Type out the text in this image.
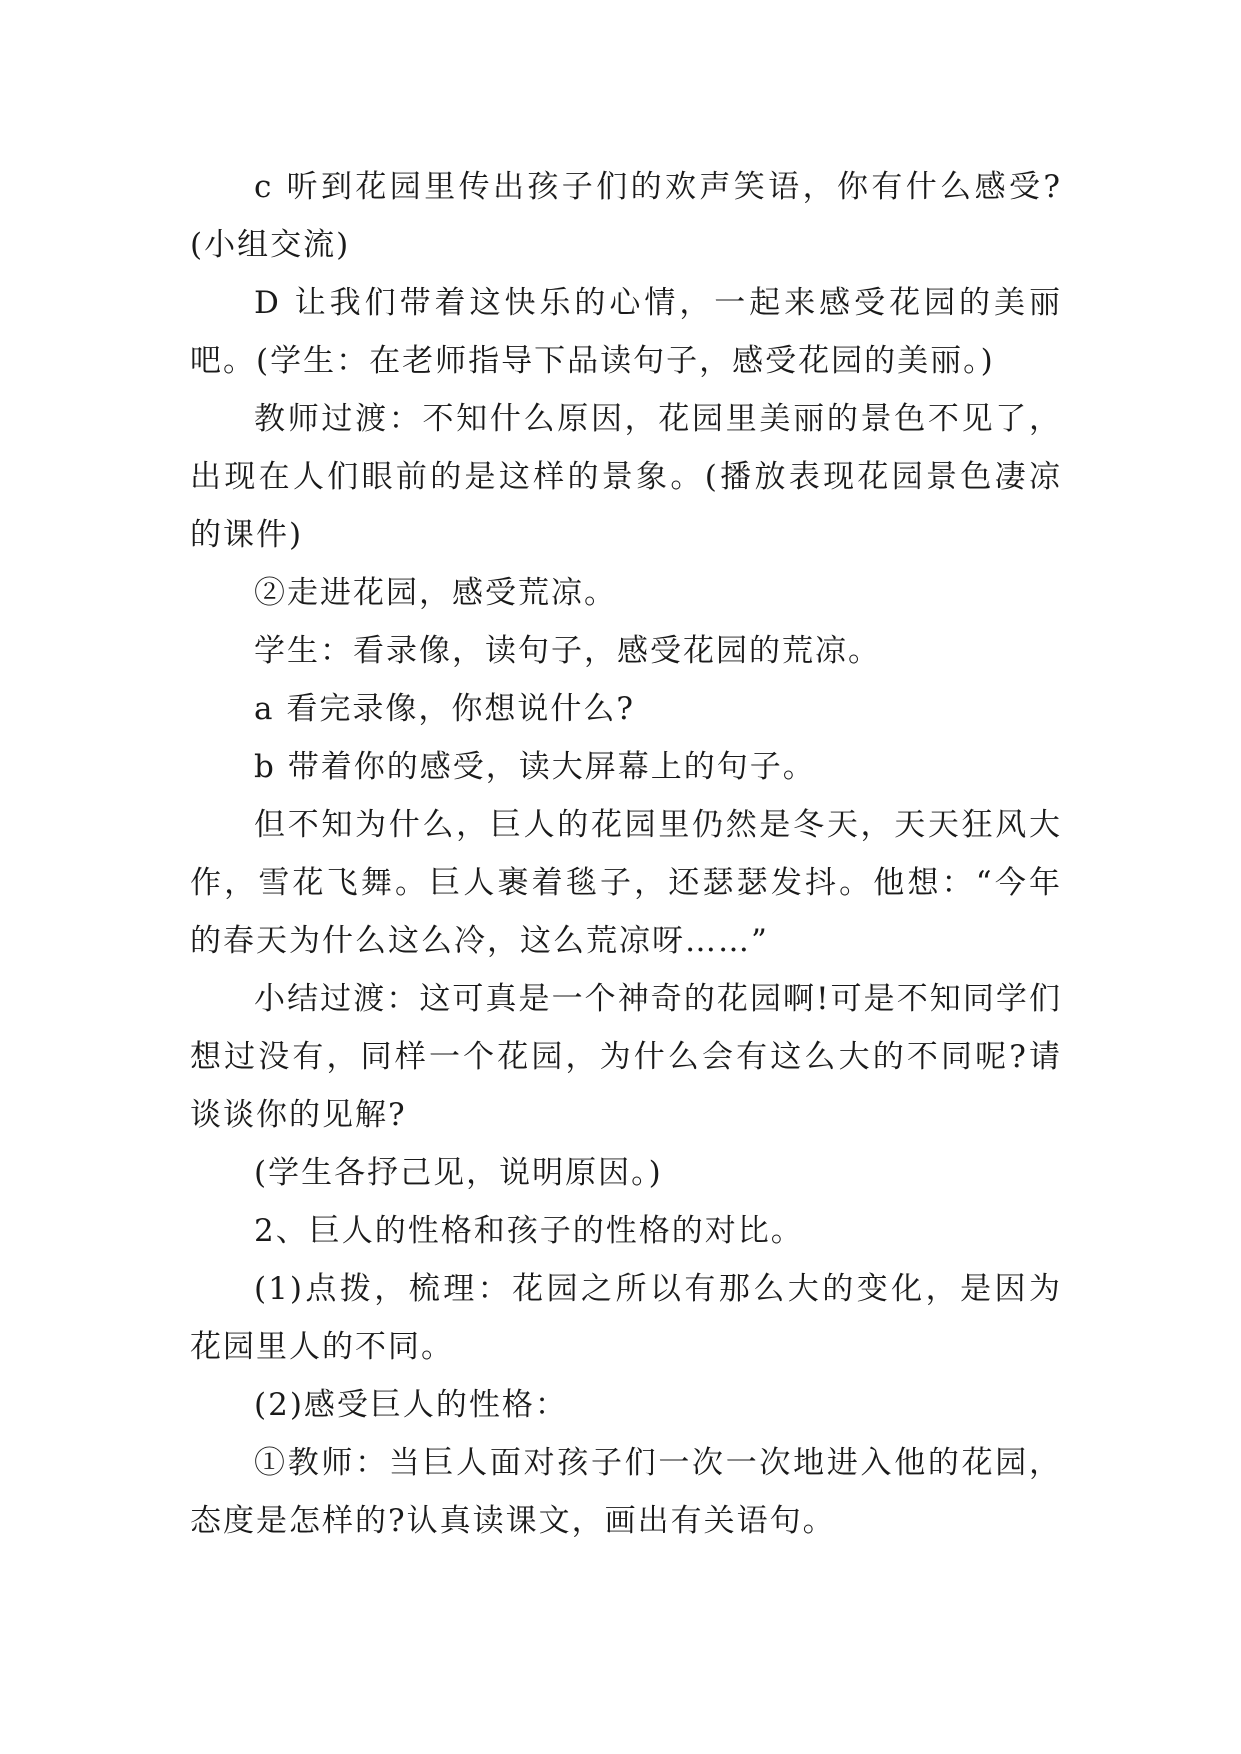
c 听到花园里传出孩子们的欢声笑语，你有什么感受?(小组交流)

D 让我们带着这快乐的心情，一起来感受花园的美丽吧。(学生：在老师指导下品读句子，感受花园的美丽。)

教师过渡：不知什么原因，花园里美丽的景色不见了，出现在人们眼前的是这样的景象。(播放表现花园景色凄凉的课件)

②走进花园，感受荒凉。

学生：看录像，读句子，感受花园的荒凉。

a 看完录像，你想说什么?

b 带着你的感受，读大屏幕上的句子。

但不知为什么，巨人的花园里仍然是冬天，天天狂风大作，雪花飞舞。巨人裹着毯子，还瑟瑟发抖。他想：“今年的春天为什么这么冷，这么荒凉呀……”

小结过渡：这可真是一个神奇的花园啊!可是不知同学们想过没有，同样一个花园，为什么会有这么大的不同呢?请谈谈你的见解?

(学生各抒己见，说明原因。)

2、巨人的性格和孩子的性格的对比。

(1)点拨，梳理：花园之所以有那么大的变化，是因为花园里人的不同。

(2)感受巨人的性格：

①教师：当巨人面对孩子们一次一次地进入他的花园，态度是怎样的?认真读课文，画出有关语句。
